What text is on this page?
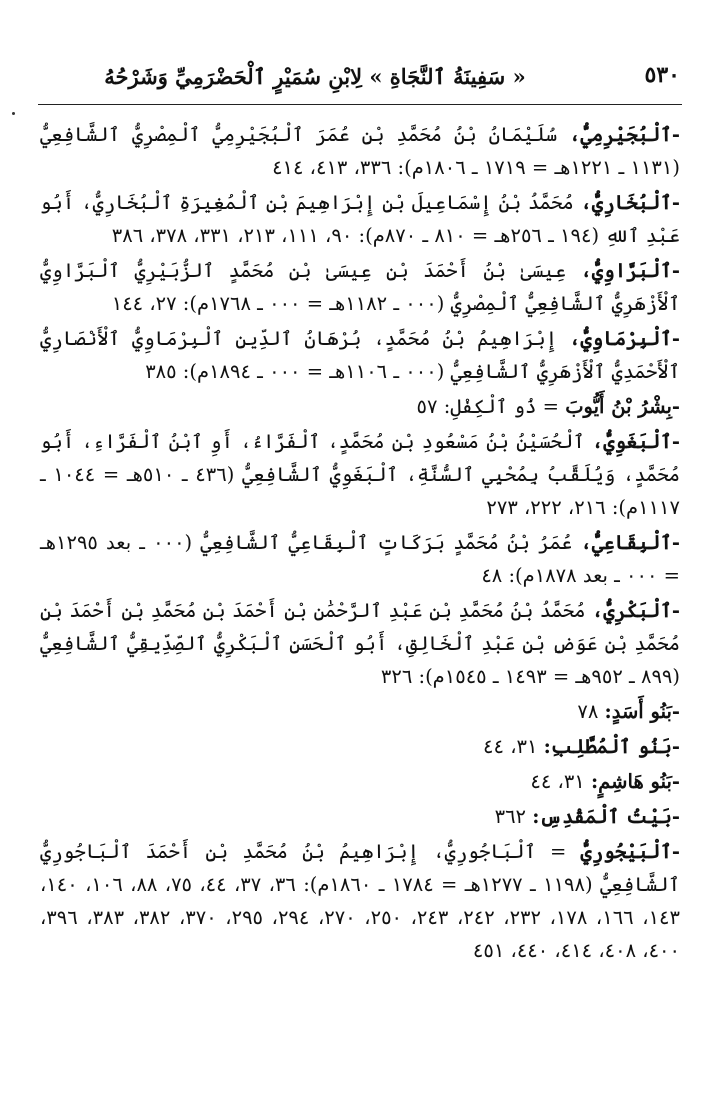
٥٣٠
« سَفِينَةُ ٱلنَّجَاةِ » لِابْنِ سُمَيْرٍ ٱلْحَضْرَمِيِّ وَشَرْحُهُ

-ٱلْبُجَيْرِمِيُّ، سُلَيْمَانُ بْنُ مُحَمَّدِ بْنِ عُمَرَ ٱلْبُجَيْرِمِيُّ ٱلْمِصْرِيُّ ٱلشَّافِعِيُّ (١١٣١ ـ ١٢٢١هـ = ١٧١٩ ـ ١٨٠٦م): ٣٣٦، ٤١٣، ٤١٤

-ٱلْبُخَارِيُّ، مُحَمَّدُ بْنُ إِسْمَاعِيلَ بْنِ إِبْرَاهِيمَ بْنِ ٱلْمُغِيرَةِ ٱلْبُخَارِيُّ، أَبُو عَبْدِ ٱللهِ (١٩٤ ـ ٢٥٦هـ = ٨١٠ ـ ٨٧٠م): ٩٠، ١١١، ٢١٣، ٣٣١، ٣٧٨، ٣٨٦

-ٱلْبَرَّاوِيُّ، عِيسَىٰ بْنُ أَحْمَدَ بْنِ عِيسَىٰ بْنِ مُحَمَّدٍ ٱلزُّبَيْرِيُّ ٱلْبَرَّاوِيُّ ٱلْأَزْهَرِيُّ ٱلشَّافِعِيُّ ٱلْمِصْرِيُّ (٠٠٠ ـ ١١٨٢هـ = ٠٠٠ ـ ١٧٦٨م): ٢٧، ١٤٤

-ٱلْبِرْمَاوِيُّ، إِبْرَاهِيمُ بْنُ مُحَمَّدٍ، بُرْهَانُ ٱلدِّينِ ٱلْبِرْمَاوِيُّ ٱلْأَنْصَارِيُّ ٱلْأَحْمَدِيُّ ٱلْأَزْهَرِيُّ ٱلشَّافِعِيُّ (٠٠٠ ـ ١١٠٦هـ = ٠٠٠ ـ ١٨٩٤م): ٣٨٥

-بِشْرُ بْنُ أَيُّوبَ = ذُو ٱلْكِفْلِ: ٥٧

-ٱلْبَغَوِيُّ، ٱلْحُسَيْنُ بْنُ مَسْعُودِ بْنِ مُحَمَّدٍ، ٱلْفَرَّاءُ، أَوِ ٱبْنُ ٱلْفَرَّاءِ، أَبُو مُحَمَّدٍ، وَيُلَقَّبُ بِمُحْيِي ٱلسُّنَّةِ، ٱلْبَغَوِيُّ ٱلشَّافِعِيُّ (٤٣٦ ـ ٥١٠هـ = ١٠٤٤ ـ ١١١٧م): ٢١٦، ٢٢٢، ٢٧٣

-ٱلْبِقَاعِيُّ، عُمَرُ بْنُ مُحَمَّدٍ بَرَكَاتٍ ٱلْبِقَاعِيُّ ٱلشَّافِعِيُّ (٠٠٠ ـ بعد ١٢٩٥هـ = ٠٠٠ ـ بعد ١٨٧٨م): ٤٨

-ٱلْبَكْرِيُّ، مُحَمَّدُ بْنُ مُحَمَّدِ بْنِ عَبْدِ ٱلرَّحْمَٰنِ بْنِ أَحْمَدَ بْنِ مُحَمَّدِ بْنِ أَحْمَدَ بْنِ مُحَمَّدِ بْنِ عَوَضِ بْنِ عَبْدِ ٱلْخَالِقِ، أَبُو ٱلْحَسَنِ ٱلْبَكْرِيُّ ٱلصِّدِّيقِيُّ ٱلشَّافِعِيُّ (٨٩٩ ـ ٩٥٢هـ = ١٤٩٣ ـ ١٥٤٥م): ٣٢٦

-بَنُو أَسَدٍ: ٧٨

-بَنُو ٱلْمُطَّلِبِ: ٣١، ٤٤

-بَنُو هَاشِمٍ: ٣١، ٤٤

-بَيْتُ ٱلْمَقْدِسِ: ٣٦٢

-ٱلْبَيْجُورِيُّ = ٱلْبَاجُورِيُّ، إِبْرَاهِيمُ بْنُ مُحَمَّدِ بْنِ أَحْمَدَ ٱلْبَاجُورِيُّ ٱلشَّافِعِيُّ (١١٩٨ ـ ١٢٧٧هـ = ١٧٨٤ ـ ١٨٦٠م): ٣٦، ٣٧، ٤٤، ٧٥، ٨٨، ١٠٦، ١٤٠، ١٤٣، ١٦٦، ١٧٨، ٢٣٢، ٢٤٢، ٢٤٣، ٢٥٠، ٢٧٠، ٢٩٤، ٢٩٥، ٣٧٠، ٣٨٢، ٣٨٣، ٣٩٦، ٤٠٠، ٤٠٨، ٤١٤، ٤٤٠، ٤٥١
